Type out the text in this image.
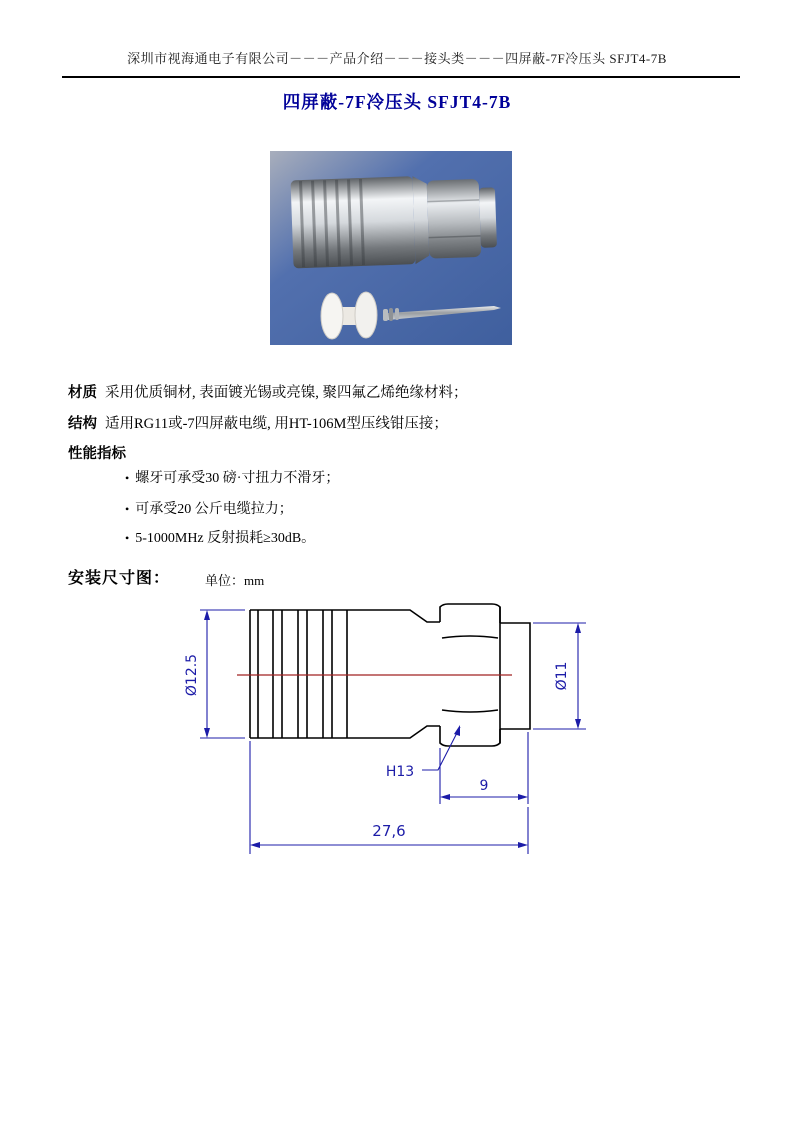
深圳市视海通电子有限公司－－－产品介绍－－－接头类－－－四屏蔽-7F冷压头 SFJT4-7B
四屏蔽-7F冷压头 SFJT4-7B
材质 采用优质铜材, 表面镀光锡或亮镍, 聚四氟乙烯绝缘材料；
结构 适用RG11或-7四屏蔽电缆, 用HT-106M型压线钳压接；
性能指标
• 螺牙可承受30 磅·寸扭力不滑牙；
• 可承受20 公斤电缆拉力；
• 5-1000MHz 反射损耗≥30dB。
安装尺寸图：	单位：mm
Ø12.5	Ø11
H13
9
27,6
